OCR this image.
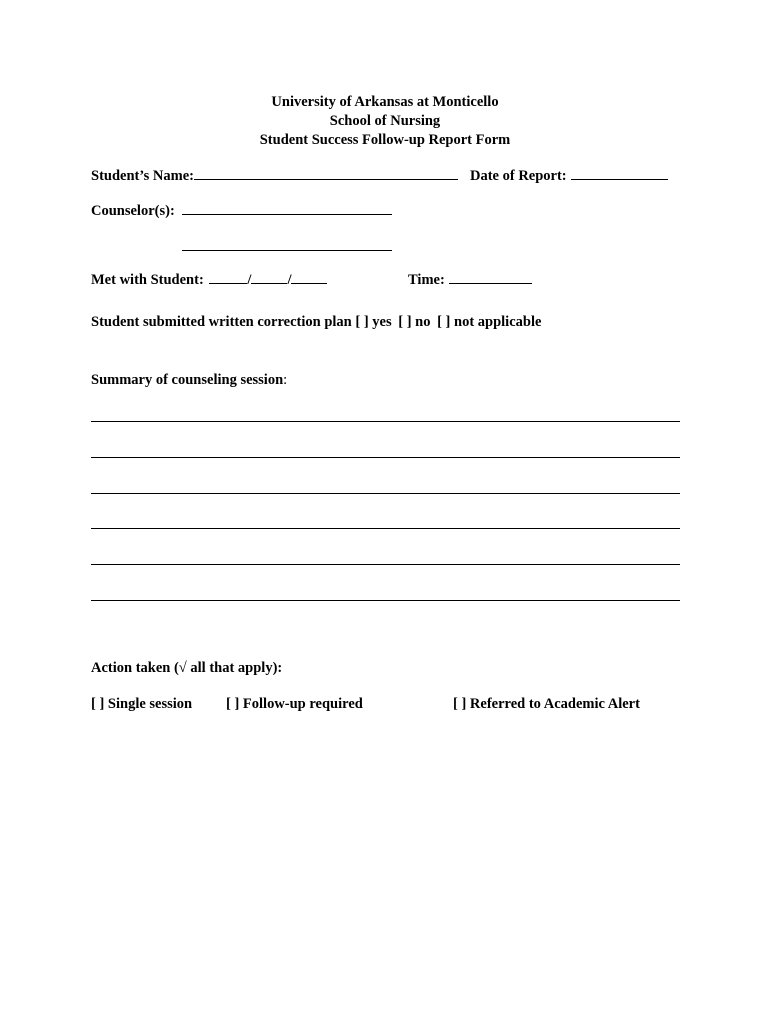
University of Arkansas at Monticello
School of Nursing
Student Success Follow-up Report Form
Student’s Name:	Date of Report:
Counselor(s):
Met with Student:	/ /	Time:
Student submitted written correction plan [ ] yes [ ] no [ ] not applicable
Summary of counseling session:
Action taken (√ all that apply):
[ ] Single session [ ] Follow-up required	[ ] Referred to Academic Alert
